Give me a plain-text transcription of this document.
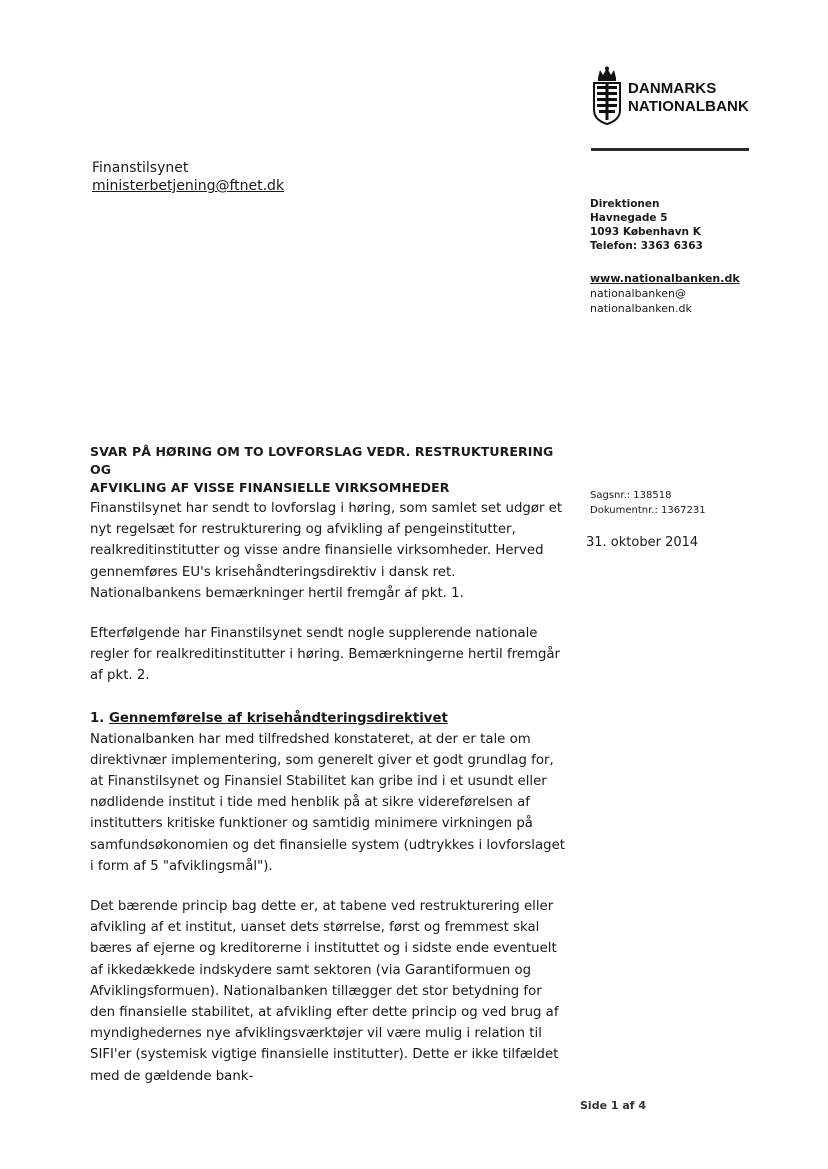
DANMARKS
NATIONALBANK
Finanstilsynet
ministerbetjening@ftnet.dk
Direktionen
Havnegade 5
1093 København K
Telefon: 3363 6363
www.nationalbanken.dk
nationalbanken@
nationalbanken.dk
Sagsnr.: 138518
Dokumentnr.: 1367231
31. oktober 2014
SVAR PÅ HØRING OM TO LOVFORSLAG VEDR. RESTRUKTURERING OG
AFVIKLING AF VISSE FINANSIELLE VIRKSOMHEDER

Finanstilsynet har sendt to lovforslag i høring, som samlet set udgør et nyt regelsæt for restrukturering og afvikling af pengeinstitutter, realkreditinstitutter og visse andre finansielle virksomheder. Herved gennemføres EU's krisehåndteringsdirektiv i dansk ret. Nationalbankens bemærkninger hertil fremgår af pkt. 1.

Efterfølgende har Finanstilsynet sendt nogle supplerende nationale regler for realkreditinstitutter i høring. Bemærkningerne hertil fremgår af pkt. 2.

1. Gennemførelse af krisehåndteringsdirektivet

Nationalbanken har med tilfredshed konstateret, at der er tale om direktivnær implementering, som generelt giver et godt grundlag for, at Finanstilsynet og Finansiel Stabilitet kan gribe ind i et usundt eller nødlidende institut i tide med henblik på at sikre videreførelsen af institutters kritiske funktioner og samtidig minimere virkningen på samfundsøkonomien og det finansielle system (udtrykkes i lovforslaget i form af 5 "afviklingsmål").

Det bærende princip bag dette er, at tabene ved restrukturering eller afvikling af et institut, uanset dets størrelse, først og fremmest skal bæres af ejerne og kreditorerne i instituttet og i sidste ende eventuelt af ikkedækkede indskydere samt sektoren (via Garantiformuen og Afviklingsformuen). Nationalbanken tillægger det stor betydning for den finansielle stabilitet, at afvikling efter dette princip og ved brug af myndighedernes nye afviklingsværktøjer vil være mulig i relation til SIFI'er (systemisk vigtige finansielle institutter). Dette er ikke tilfældet med de gældende bank-

Side 1 af 4
